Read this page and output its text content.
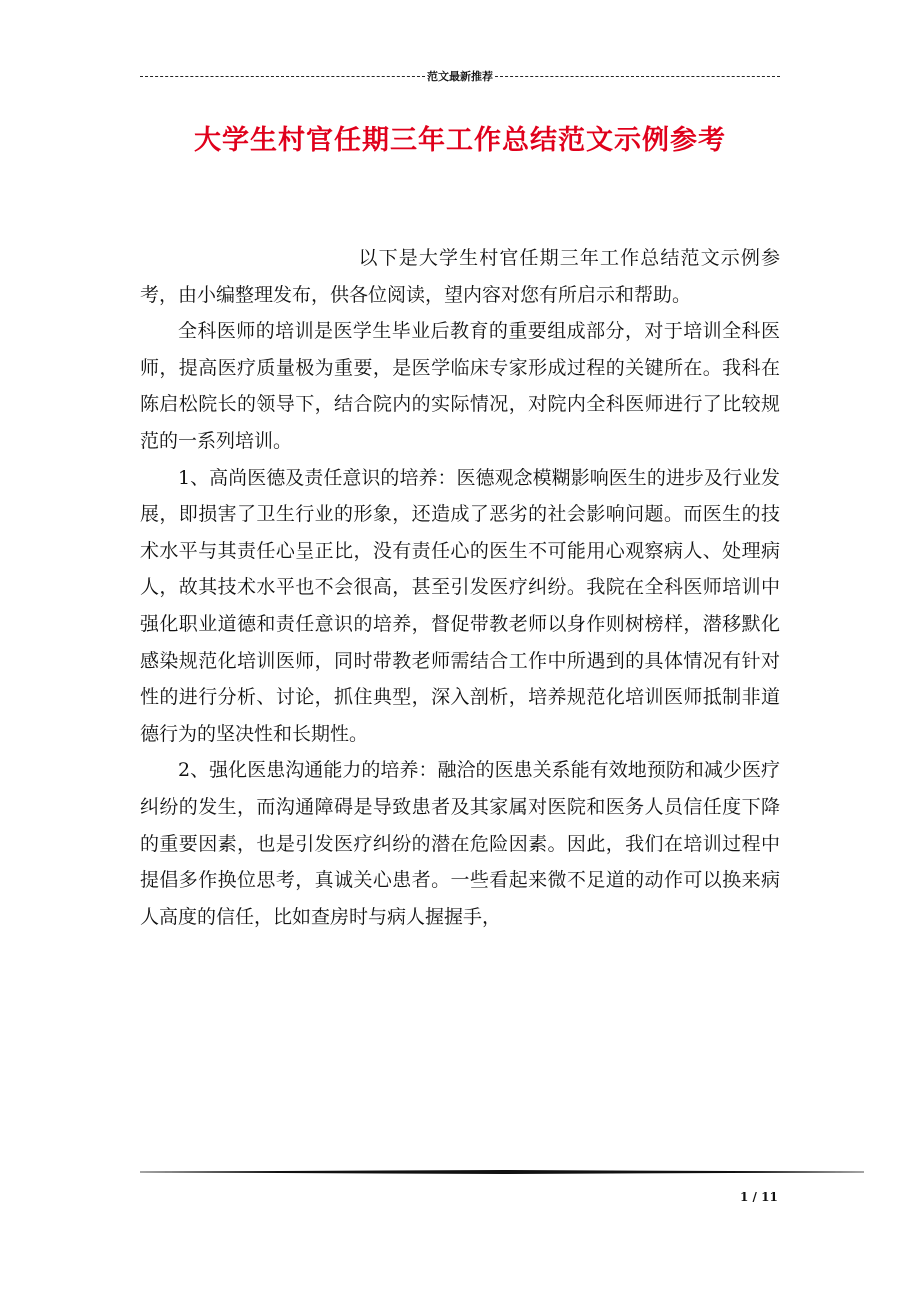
范文最新推荐
大学生村官任期三年工作总结范文示例参考

以下是大学生村官任期三年工作总结范文示例参考，由小编整理发布，供各位阅读，望内容对您有所启示和帮助。

全科医师的培训是医学生毕业后教育的重要组成部分，对于培训全科医师，提高医疗质量极为重要，是医学临床专家形成过程的关键所在。我科在陈启松院长的领导下，结合院内的实际情况，对院内全科医师进行了比较规范的一系列培训。

1、高尚医德及责任意识的培养：医德观念模糊影响医生的进步及行业发展，即损害了卫生行业的形象，还造成了恶劣的社会影响问题。而医生的技术水平与其责任心呈正比，没有责任心的医生不可能用心观察病人、处理病人，故其技术水平也不会很高，甚至引发医疗纠纷。我院在全科医师培训中强化职业道德和责任意识的培养，督促带教老师以身作则树榜样，潜移默化感染规范化培训医师，同时带教老师需结合工作中所遇到的具体情况有针对性的进行分析、讨论，抓住典型，深入剖析，培养规范化培训医师抵制非道德行为的坚决性和长期性。

2、强化医患沟通能力的培养：融洽的医患关系能有效地预防和减少医疗纠纷的发生，而沟通障碍是导致患者及其家属对医院和医务人员信任度下降的重要因素，也是引发医疗纠纷的潜在危险因素。因此，我们在培训过程中提倡多作换位思考，真诚关心患者。一些看起来微不足道的动作可以换来病人高度的信任，比如查房时与病人握握手，

1 / 11
